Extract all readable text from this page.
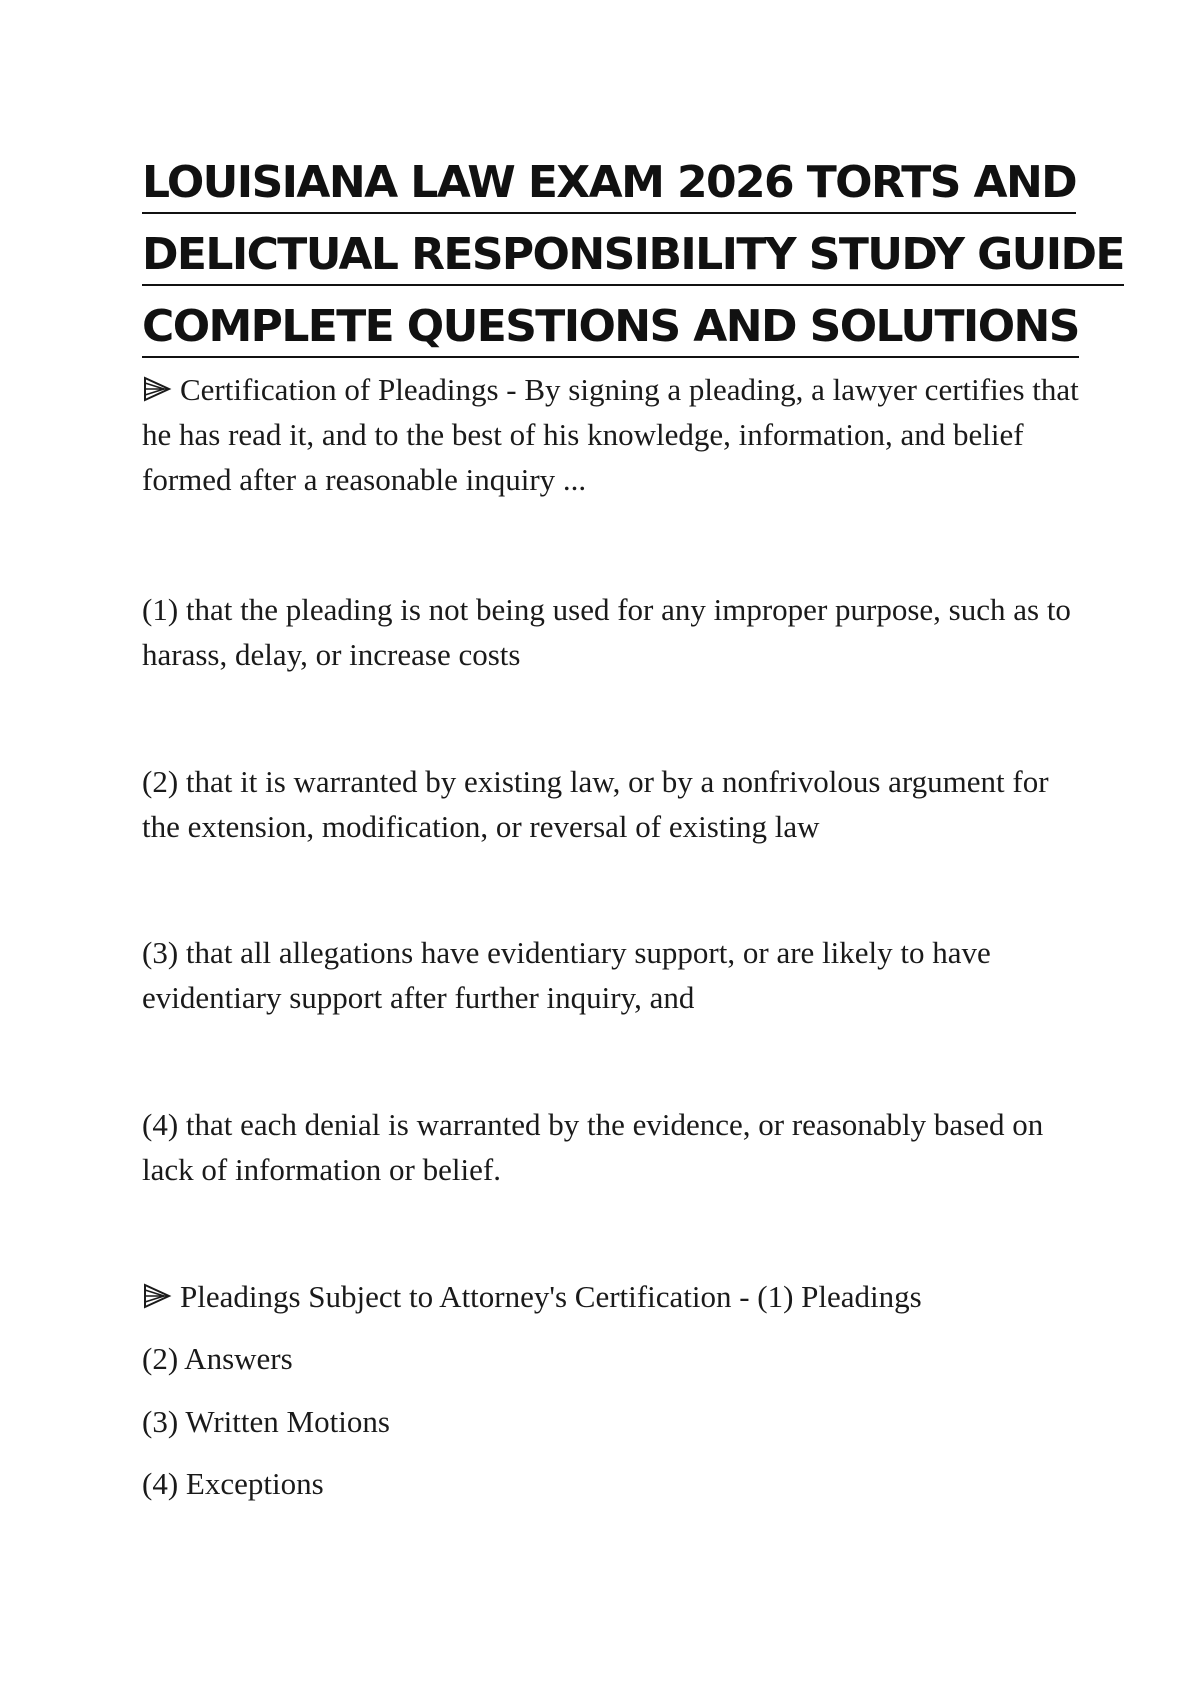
LOUISIANA LAW EXAM 2026 TORTS AND
DELICTUAL RESPONSIBILITY STUDY GUIDE
COMPLETE QUESTIONS AND SOLUTIONS

Certification of Pleadings - By signing a pleading, a lawyer certifies that he has read it, and to the best of his knowledge, information, and belief formed after a reasonable inquiry ...

(1) that the pleading is not being used for any improper purpose, such as to harass, delay, or increase costs

(2) that it is warranted by existing law, or by a nonfrivolous argument for the extension, modification, or reversal of existing law

(3) that all allegations have evidentiary support, or are likely to have evidentiary support after further inquiry, and

(4) that each denial is warranted by the evidence, or reasonably based on lack of information or belief.

Pleadings Subject to Attorney's Certification - (1) Pleadings

(2) Answers

(3) Written Motions

(4) Exceptions
